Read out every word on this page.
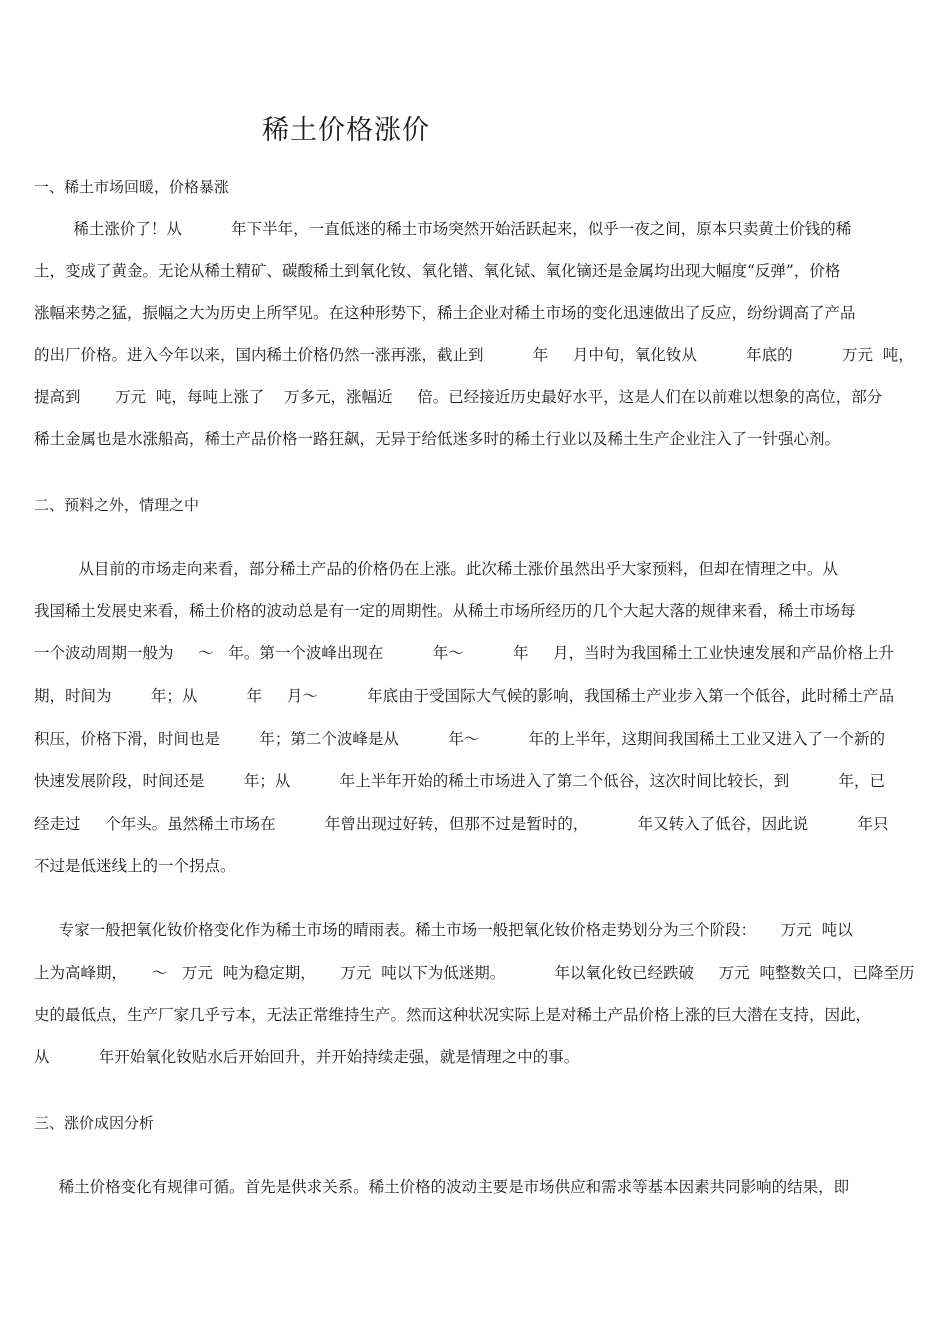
稀土价格涨价
一、稀土市场回暖，价格暴涨
稀土涨价了！从          年下半年，一直低迷的稀土市场突然开始活跃起来，似乎一夜之间，原本只卖黄土价钱的稀
土，变成了黄金。无论从稀土精矿、碳酸稀土到氧化钕、氧化镨、氧化铽、氧化镝还是金属均出现大幅度“反弹”，价格
涨幅来势之猛，振幅之大为历史上所罕见。在这种形势下，稀土企业对稀土市场的变化迅速做出了反应，纷纷调高了产品
的出厂价格。进入今年以来，国内稀土价格仍然一涨再涨，截止到          年     月中旬，氧化钕从          年底的          万元  吨，
提高到       万元  吨，每吨上涨了    万多元，涨幅近     倍。已经接近历史最好水平，这是人们在以前难以想象的高位，部分
稀土金属也是水涨船高，稀土产品价格一路狂飙，无异于给低迷多时的稀土行业以及稀土生产企业注入了一针强心剂。
二、预料之外，情理之中
从目前的市场走向来看，部分稀土产品的价格仍在上涨。此次稀土涨价虽然出乎大家预料，但却在情理之中。从
我国稀土发展史来看，稀土价格的波动总是有一定的周期性。从稀土市场所经历的几个大起大落的规律来看，稀土市场每
一个波动周期一般为     ～   年。第一个波峰出现在          年～          年     月，当时为我国稀土工业快速发展和产品价格上升
期，时间为        年；从          年     月～          年底由于受国际大气候的影响，我国稀土产业步入第一个低谷，此时稀土产品
积压，价格下滑，时间也是        年；第二个波峰是从          年～          年的上半年，这期间我国稀土工业又进入了一个新的
快速发展阶段，时间还是        年；从          年上半年开始的稀土市场进入了第二个低谷，这次时间比较长，到          年，已
经走过     个年头。虽然稀土市场在          年曾出现过好转，但那不过是暂时的，          年又转入了低谷，因此说          年只
不过是低迷线上的一个拐点。
专家一般把氧化钕价格变化作为稀土市场的晴雨表。稀土市场一般把氧化钕价格走势划分为三个阶段：     万元  吨以
上为高峰期，     ～   万元  吨为稳定期，     万元  吨以下为低迷期。          年以氧化钕已经跌破     万元  吨整数关口，已降至历
史的最低点，生产厂家几乎亏本，无法正常维持生产。然而这种状况实际上是对稀土产品价格上涨的巨大潜在支持，因此，
从          年开始氧化钕贴水后开始回升，并开始持续走强，就是情理之中的事。
三、涨价成因分析
稀土价格变化有规律可循。首先是供求关系。稀土价格的波动主要是市场供应和需求等基本因素共同影响的结果，即
